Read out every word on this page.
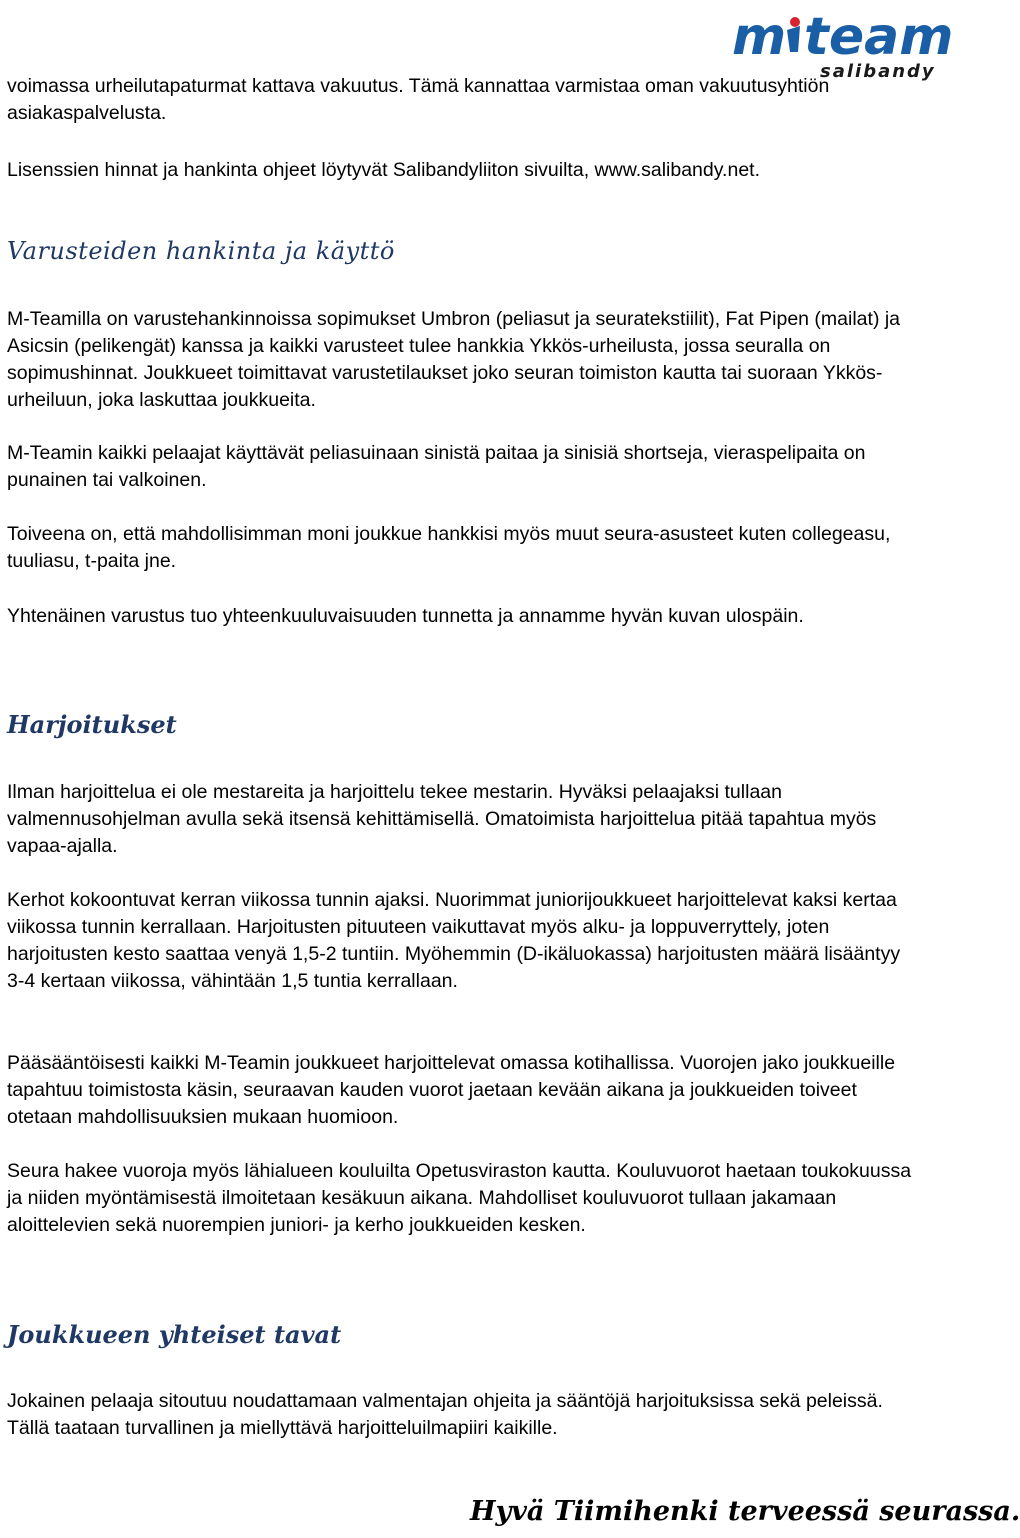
m team
salibandy

voimassa urheilutapaturmat kattava vakuutus. Tämä kannattaa varmistaa oman vakuutusyhtiön asiakaspalvelusta.

Lisenssien hinnat ja hankinta ohjeet löytyvät Salibandyliiton sivuilta, www.salibandy.net.

Varusteiden hankinta ja käyttö

M-Teamilla on varustehankinnoissa sopimukset Umbron (peliasut ja seuratekstiilit), Fat Pipen (mailat) ja Asicsin (pelikengät) kanssa ja kaikki varusteet tulee hankkia Ykkös-urheilusta, jossa seuralla on sopimushinnat. Joukkueet toimittavat varustetilaukset joko seuran toimiston kautta tai suoraan Ykkös-urheiluun, joka laskuttaa joukkueita.

M-Teamin kaikki pelaajat käyttävät peliasuinaan sinistä paitaa ja sinisiä shortseja, vieraspelipaita on punainen tai valkoinen.

Toiveena on, että mahdollisimman moni joukkue hankkisi myös muut seura-asusteet kuten collegeasu, tuuliasu, t-paita jne.

Yhtenäinen varustus tuo yhteenkuuluvaisuuden tunnetta ja annamme hyvän kuvan ulospäin.

Harjoitukset

Ilman harjoittelua ei ole mestareita ja harjoittelu tekee mestarin. Hyväksi pelaajaksi tullaan valmennusohjelman avulla sekä itsensä kehittämisellä. Omatoimista harjoittelua pitää tapahtua myös vapaa-ajalla.

Kerhot kokoontuvat kerran viikossa tunnin ajaksi. Nuorimmat juniorijoukkueet harjoittelevat kaksi kertaa viikossa tunnin kerrallaan. Harjoitusten pituuteen vaikuttavat myös alku- ja loppuverryttely, joten harjoitusten kesto saattaa venyä 1,5-2 tuntiin. Myöhemmin (D-ikäluokassa) harjoitusten määrä lisääntyy 3-4 kertaan viikossa, vähintään 1,5 tuntia kerrallaan.

Pääsääntöisesti kaikki M-Teamin joukkueet harjoittelevat omassa kotihallissa. Vuorojen jako joukkueille tapahtuu toimistosta käsin, seuraavan kauden vuorot jaetaan kevään aikana ja joukkueiden toiveet otetaan mahdollisuuksien mukaan huomioon.

Seura hakee vuoroja myös lähialueen kouluilta Opetusviraston kautta. Kouluvuorot haetaan toukokuussa ja niiden myöntämisestä ilmoitetaan kesäkuun aikana. Mahdolliset kouluvuorot tullaan jakamaan aloittelevien sekä nuorempien juniori- ja kerho joukkueiden kesken.

Joukkueen yhteiset tavat

Jokainen pelaaja sitoutuu noudattamaan valmentajan ohjeita ja sääntöjä harjoituksissa sekä peleissä. Tällä taataan turvallinen ja miellyttävä harjoitteluilmapiiri kaikille.

Hyvä Tiimihenki terveessä seurassa.
